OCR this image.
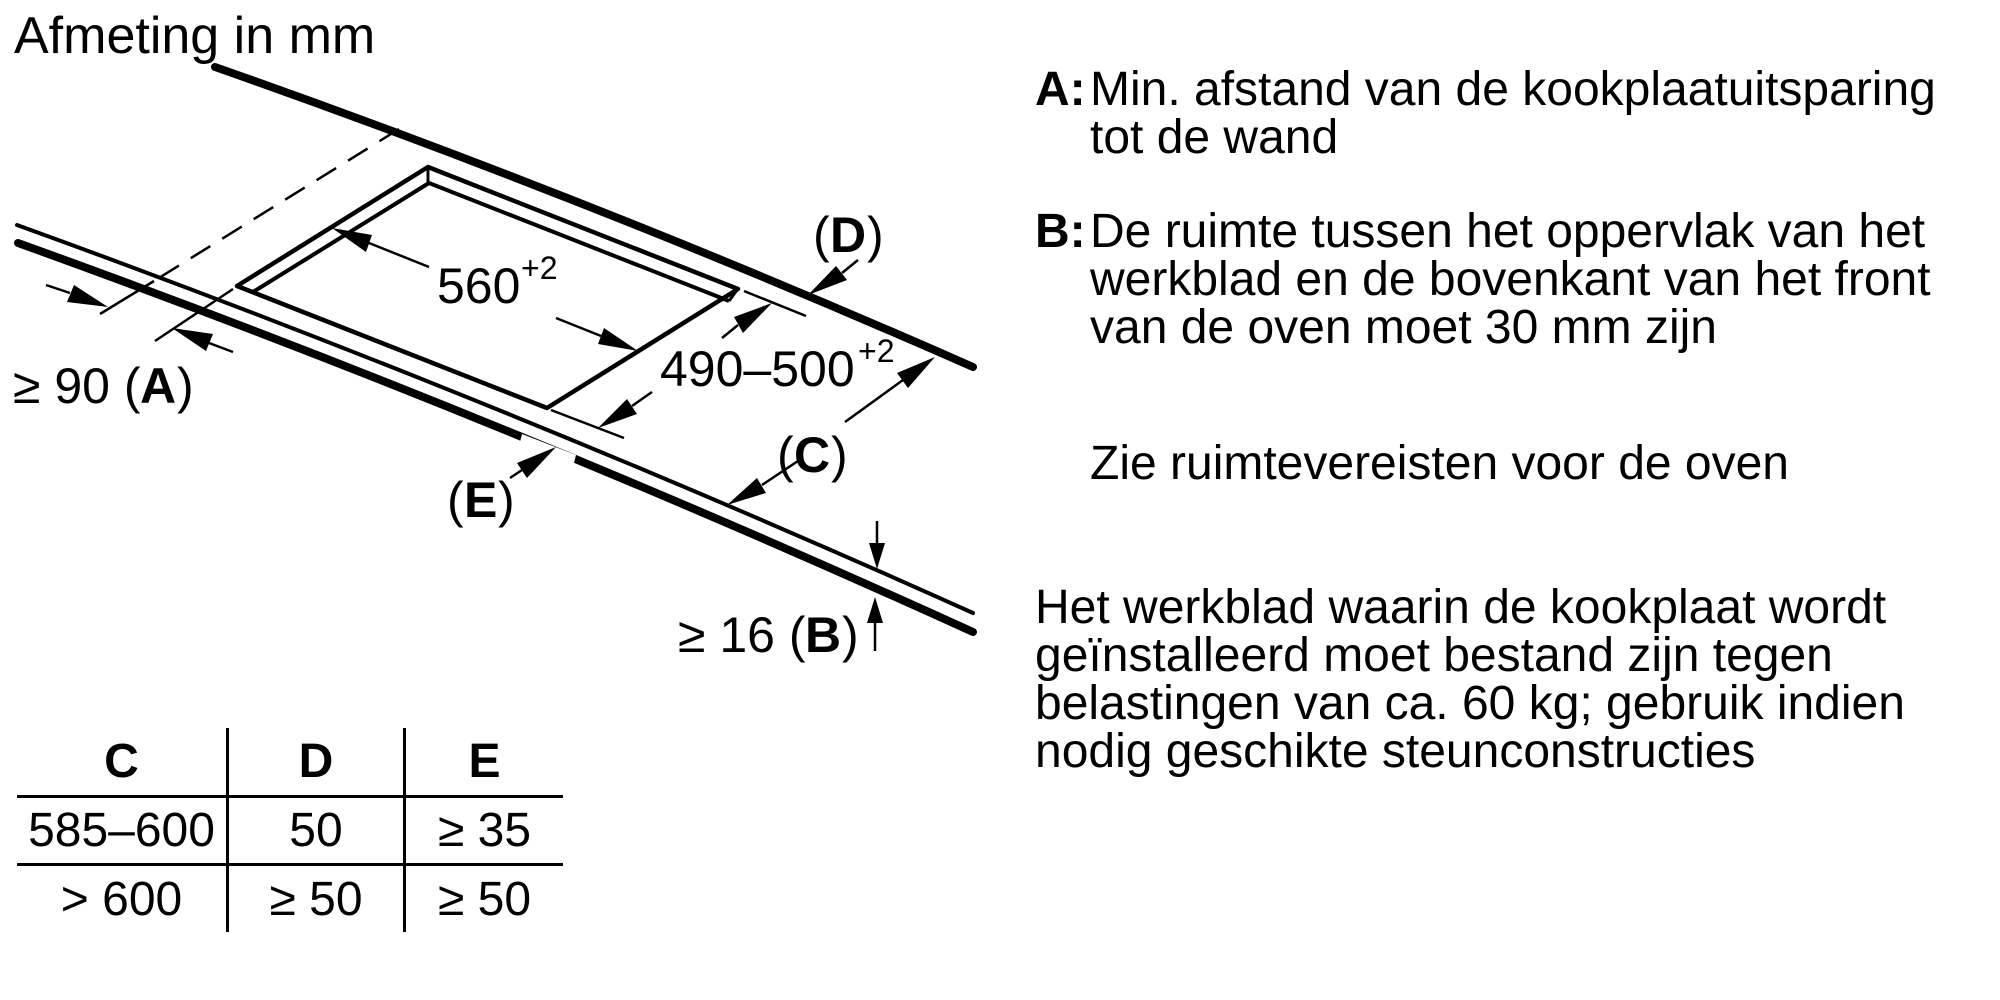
Afmeting in mm
560 +2
490–500 +2
≥ 90 ( A )
≥ 16 ( B )
( C )
( D )
( E )
C	D	E
585–600	50	≥ 35
> 600	≥ 50	≥ 50
A: Min. afstand van de kookplaatuitsparing
tot de wand
B: De ruimte tussen het oppervlak van het
werkblad en de bovenkant van het front
van de oven moet 30 mm zijn
Zie ruimtevereisten voor de oven
Het werkblad waarin de kookplaat wordt
geïnstalleerd moet bestand zijn tegen
belastingen van ca. 60 kg; gebruik indien
nodig geschikte steunconstructies
